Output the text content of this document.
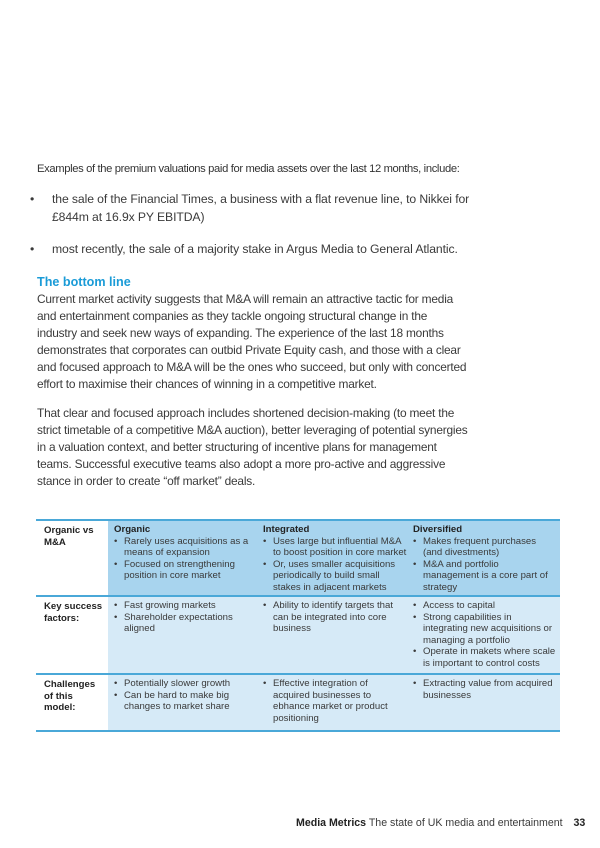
Examples of the premium valuations paid for media assets over the last 12 months, include:
• the sale of the Financial Times, a business with a flat revenue line, to Nikkei for £844m at 16.9x PY EBITDA)
• most recently, the sale of a majority stake in Argus Media to General Atlantic.
The bottom line

Current market activity suggests that M&A will remain an attractive tactic for media and entertainment companies as they tackle ongoing structural change in the industry and seek new ways of expanding. The experience of the last 18 months demonstrates that corporates can outbid Private Equity cash, and those with a clear and focused approach to M&A will be the ones who succeed, but only with concerted effort to maximise their chances of winning in a competitive market.

That clear and focused approach includes shortened decision-making (to meet the strict timetable of a competitive M&A auction), better leveraging of potential synergies in a valuation context, and better structuring of incentive plans for management teams. Successful executive teams also adopt a more pro-active and aggressive stance in order to create “off market” deals.

Organic vs M&A
Organic
• Rarely uses acquisitions as a means of expansion
• Focused on strengthening position in core market
Integrated
• Uses large but influential M&A to boost position in core market
• Or, uses smaller acquisitions periodically to build small stakes in adjacent markets
Diversified
• Makes frequent purchases (and divestments)
• M&A and portfolio management is a core part of strategy
Key success factors:
• Fast growing markets
• Shareholder expectations aligned
• Ability to identify targets that can be integrated into core business
• Access to capital
• Strong capabilities in integrating new acquisitions or managing a portfolio
• Operate in makets where scale is important to control costs
Challenges of this model:
• Potentially slower growth
• Can be hard to make big changes to market share
• Effective integration of acquired businesses to ebhance market or product positioning
• Extracting value from acquired businesses
Media Metrics The state of UK media and entertainment 33
